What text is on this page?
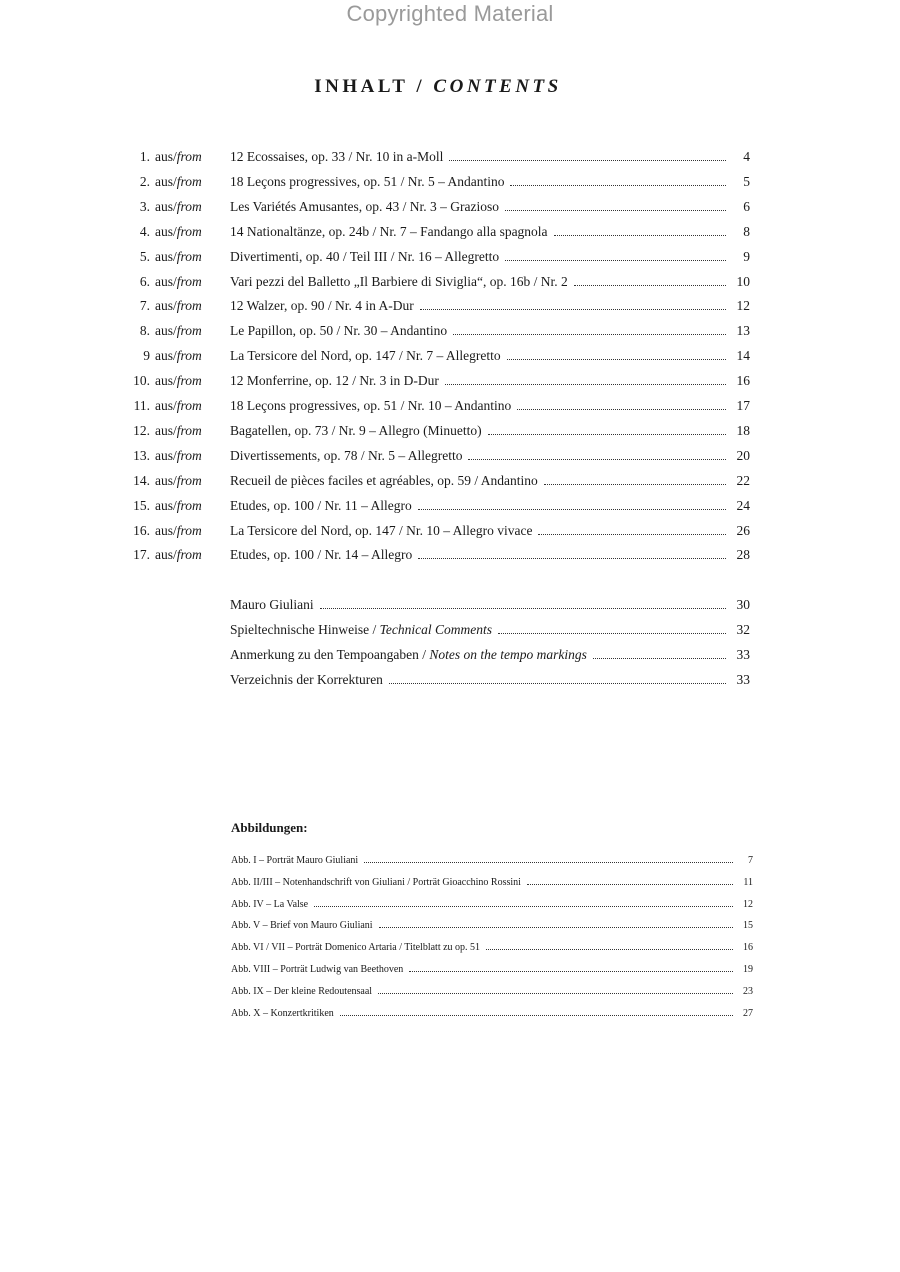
Copyrighted Material
INHALT / CONTENTS
1. aus/from 12 Ecossaises, op. 33 / Nr. 10 in a-Moll	4
2. aus/from 18 Leçons progressives, op. 51 / Nr. 5 – Andantino	5
3. aus/from Les Variétés Amusantes, op. 43 / Nr. 3 – Grazioso	6
4. aus/from 14 Nationaltänze, op. 24b / Nr. 7 – Fandango alla spagnola	8
5. aus/from Divertimenti, op. 40 / Teil III / Nr. 16 – Allegretto	9
6. aus/from Vari pezzi del Balletto „Il Barbiere di Siviglia“, op. 16b / Nr. 2	10
7. aus/from 12 Walzer, op. 90 / Nr. 4 in A-Dur	12
8. aus/from Le Papillon, op. 50 / Nr. 30 – Andantino	13
9 aus/from La Tersicore del Nord, op. 147 / Nr. 7 – Allegretto	14
10. aus/from 12 Monferrine, op. 12 / Nr. 3 in D-Dur	16
11. aus/from 18 Leçons progressives, op. 51 / Nr. 10 – Andantino	17
12. aus/from Bagatellen, op. 73 / Nr. 9 – Allegro (Minuetto)	18
13. aus/from Divertissements, op. 78 / Nr. 5 – Allegretto	20
14. aus/from Recueil de pièces faciles et agréables, op. 59 / Andantino	22
15. aus/from Etudes, op. 100 / Nr. 11 – Allegro	24
16. aus/from La Tersicore del Nord, op. 147 / Nr. 10 – Allegro vivace	26
17. aus/from Etudes, op. 100 / Nr. 14 – Allegro	28
Mauro Giuliani	30
Spieltechnische Hinweise / Technical Comments	32
Anmerkung zu den Tempoangaben / Notes on the tempo markings	33
Verzeichnis der Korrekturen	33
Abbildungen:
Abb. I – Porträt Mauro Giuliani	7
Abb. II/III – Notenhandschrift von Giuliani / Porträt Gioacchino Rossini	11
Abb. IV – La Valse	12
Abb. V – Brief von Mauro Giuliani	15
Abb. VI / VII – Porträt Domenico Artaria / Titelblatt zu op. 51	16
Abb. VIII – Porträt Ludwig van Beethoven	19
Abb. IX – Der kleine Redoutensaal	23
Abb. X – Konzertkritiken	27
